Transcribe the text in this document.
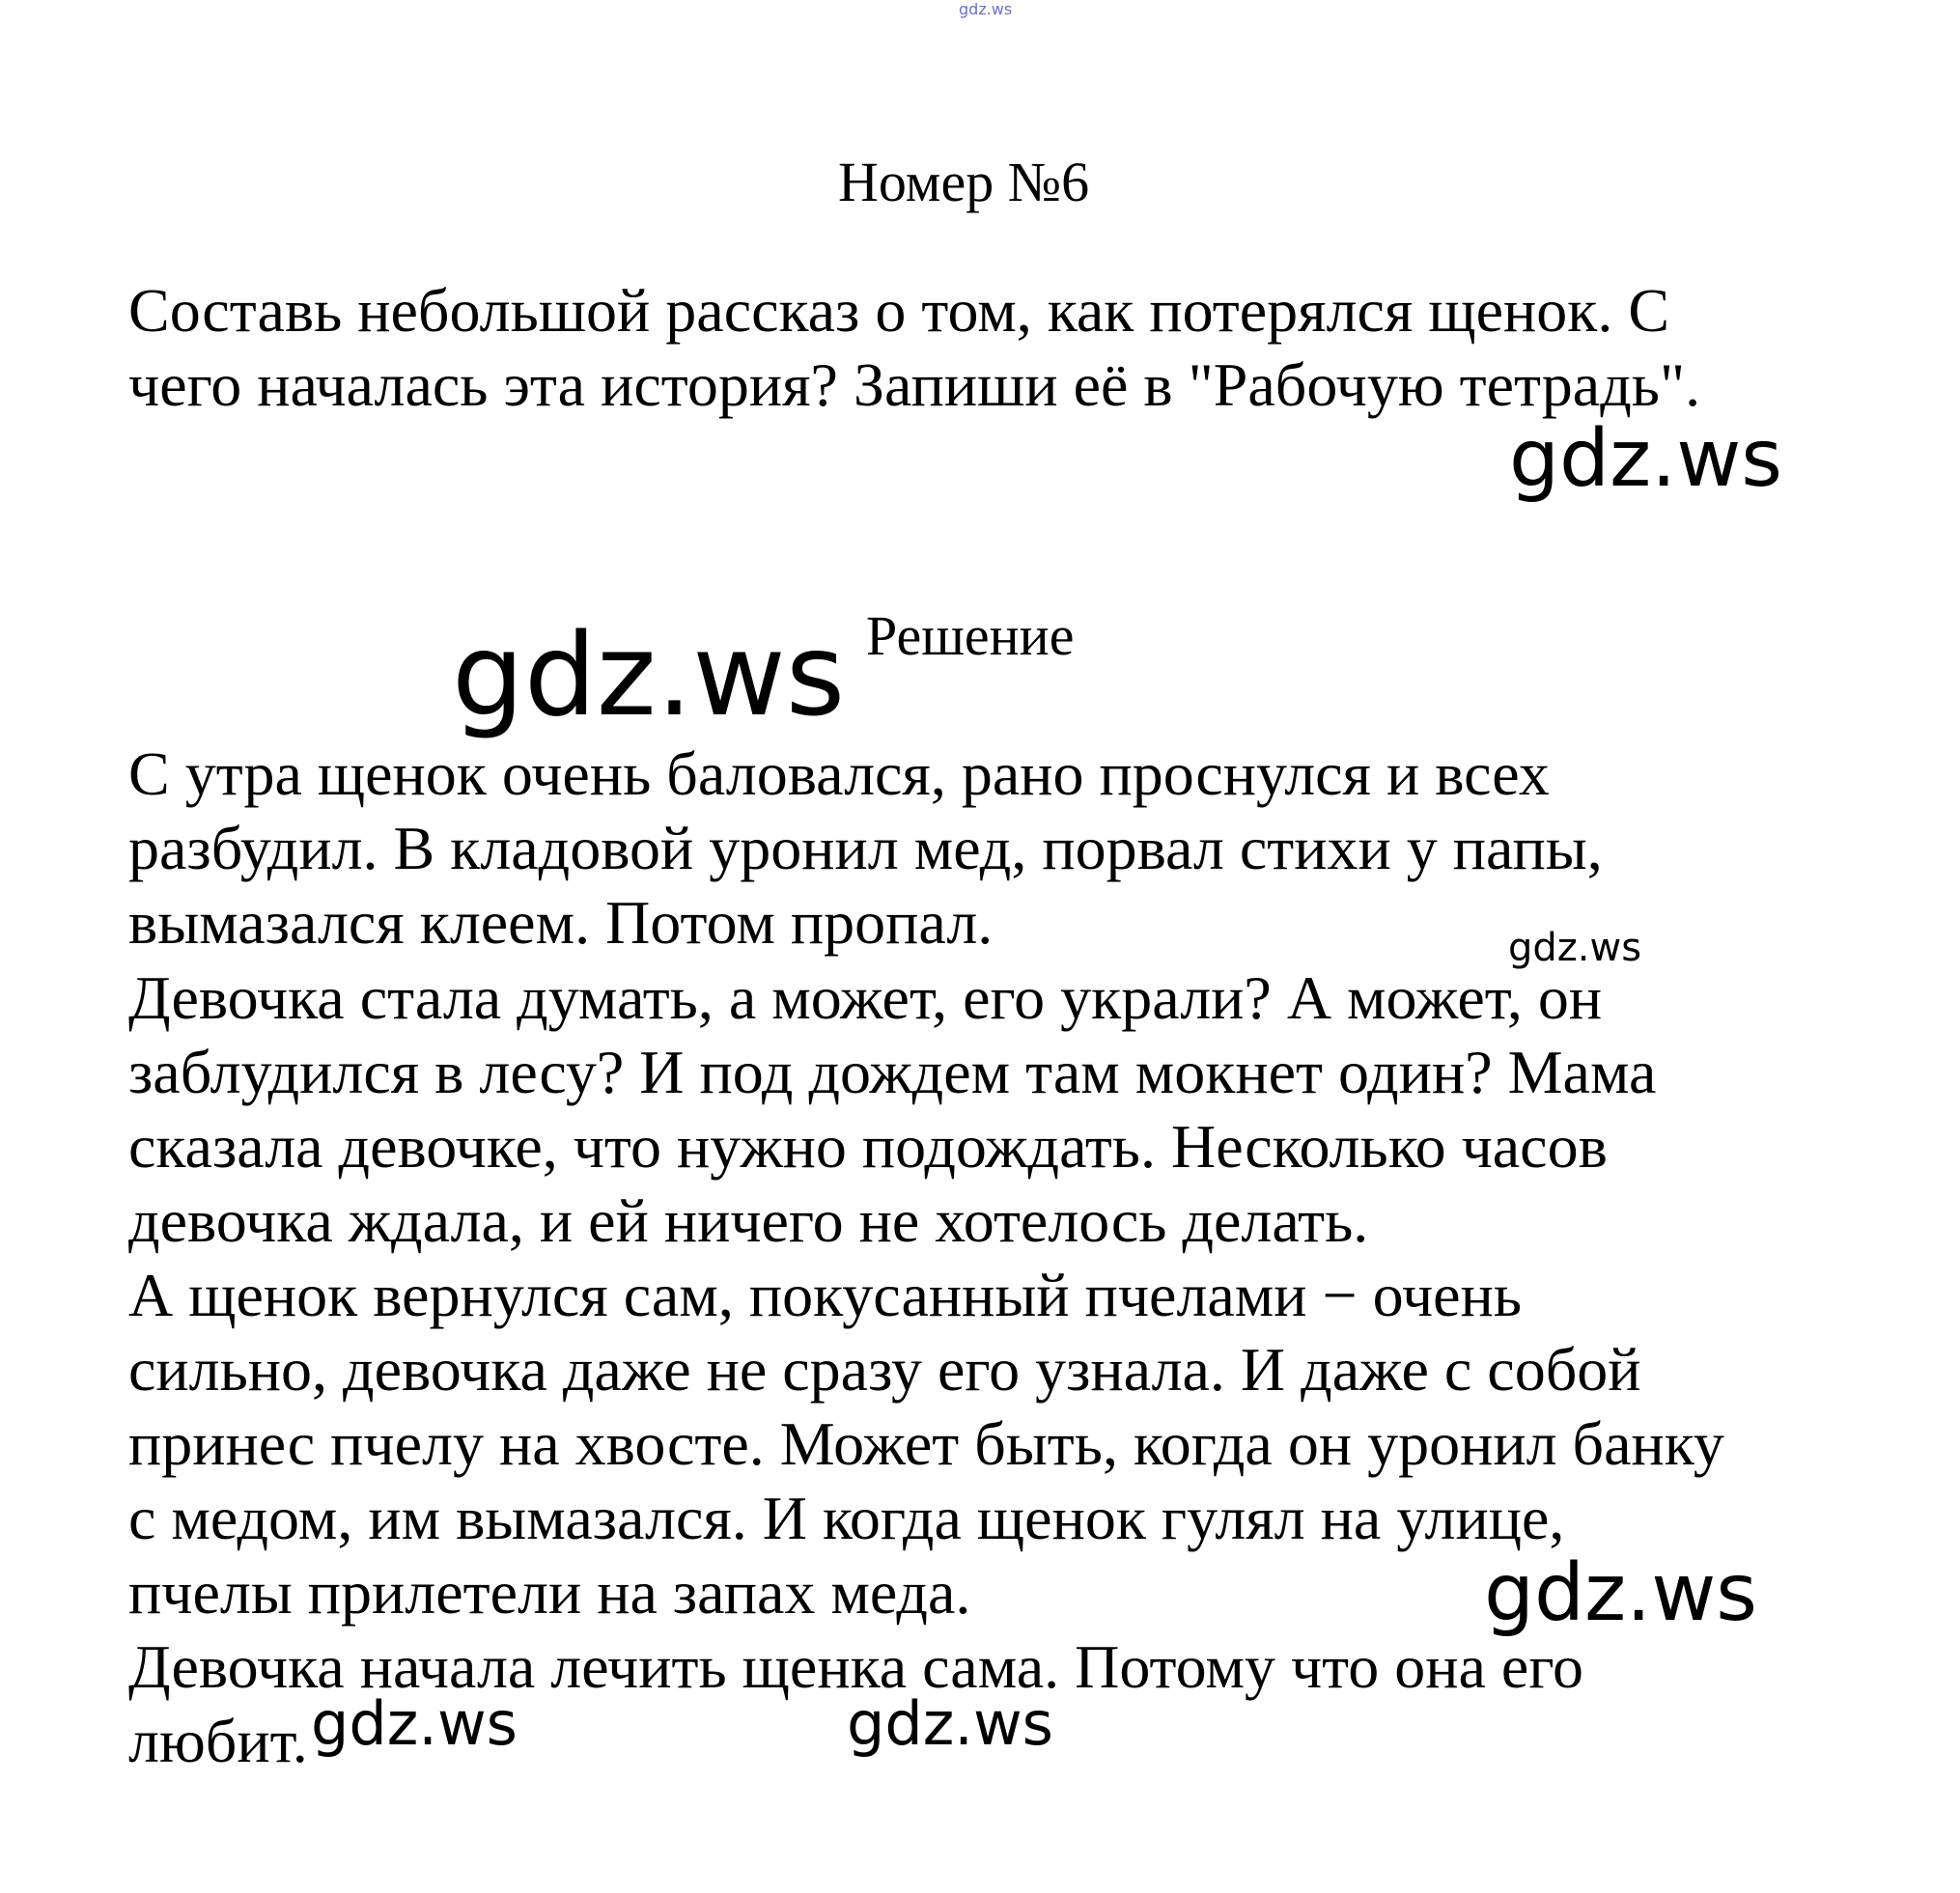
gdz.ws
Номер №6
Составь небольшой рассказ о том, как потерялся щенок. С
чего началась эта история? Запиши её в "Рабочую тетрадь".
gdz.ws
gdz.ws Решение
С утра щенок очень баловался, рано проснулся и всех
разбудил. В кладовой уронил мед, порвал стихи у папы,
вымазался клеем. Потом пропал.	gdz.ws
Девочка стала думать, а может, его украли? А может, он
заблудился в лесу? И под дождем там мокнет один? Мама
сказала девочке, что нужно подождать. Несколько часов
девочка ждала, и ей ничего не хотелось делать.
А щенок вернулся сам, покусанный пчелами − очень
сильно, девочка даже не сразу его узнала. И даже с собой
принес пчелу на хвосте. Может быть, когда он уронил банку
с медом, им вымазался. И когда щенок гулял на улице,
пчелы прилетели на запах меда.	gdz.ws
Девочка начала лечить щенка сама. Потому что она его
любит. gdz.ws	gdz.ws
